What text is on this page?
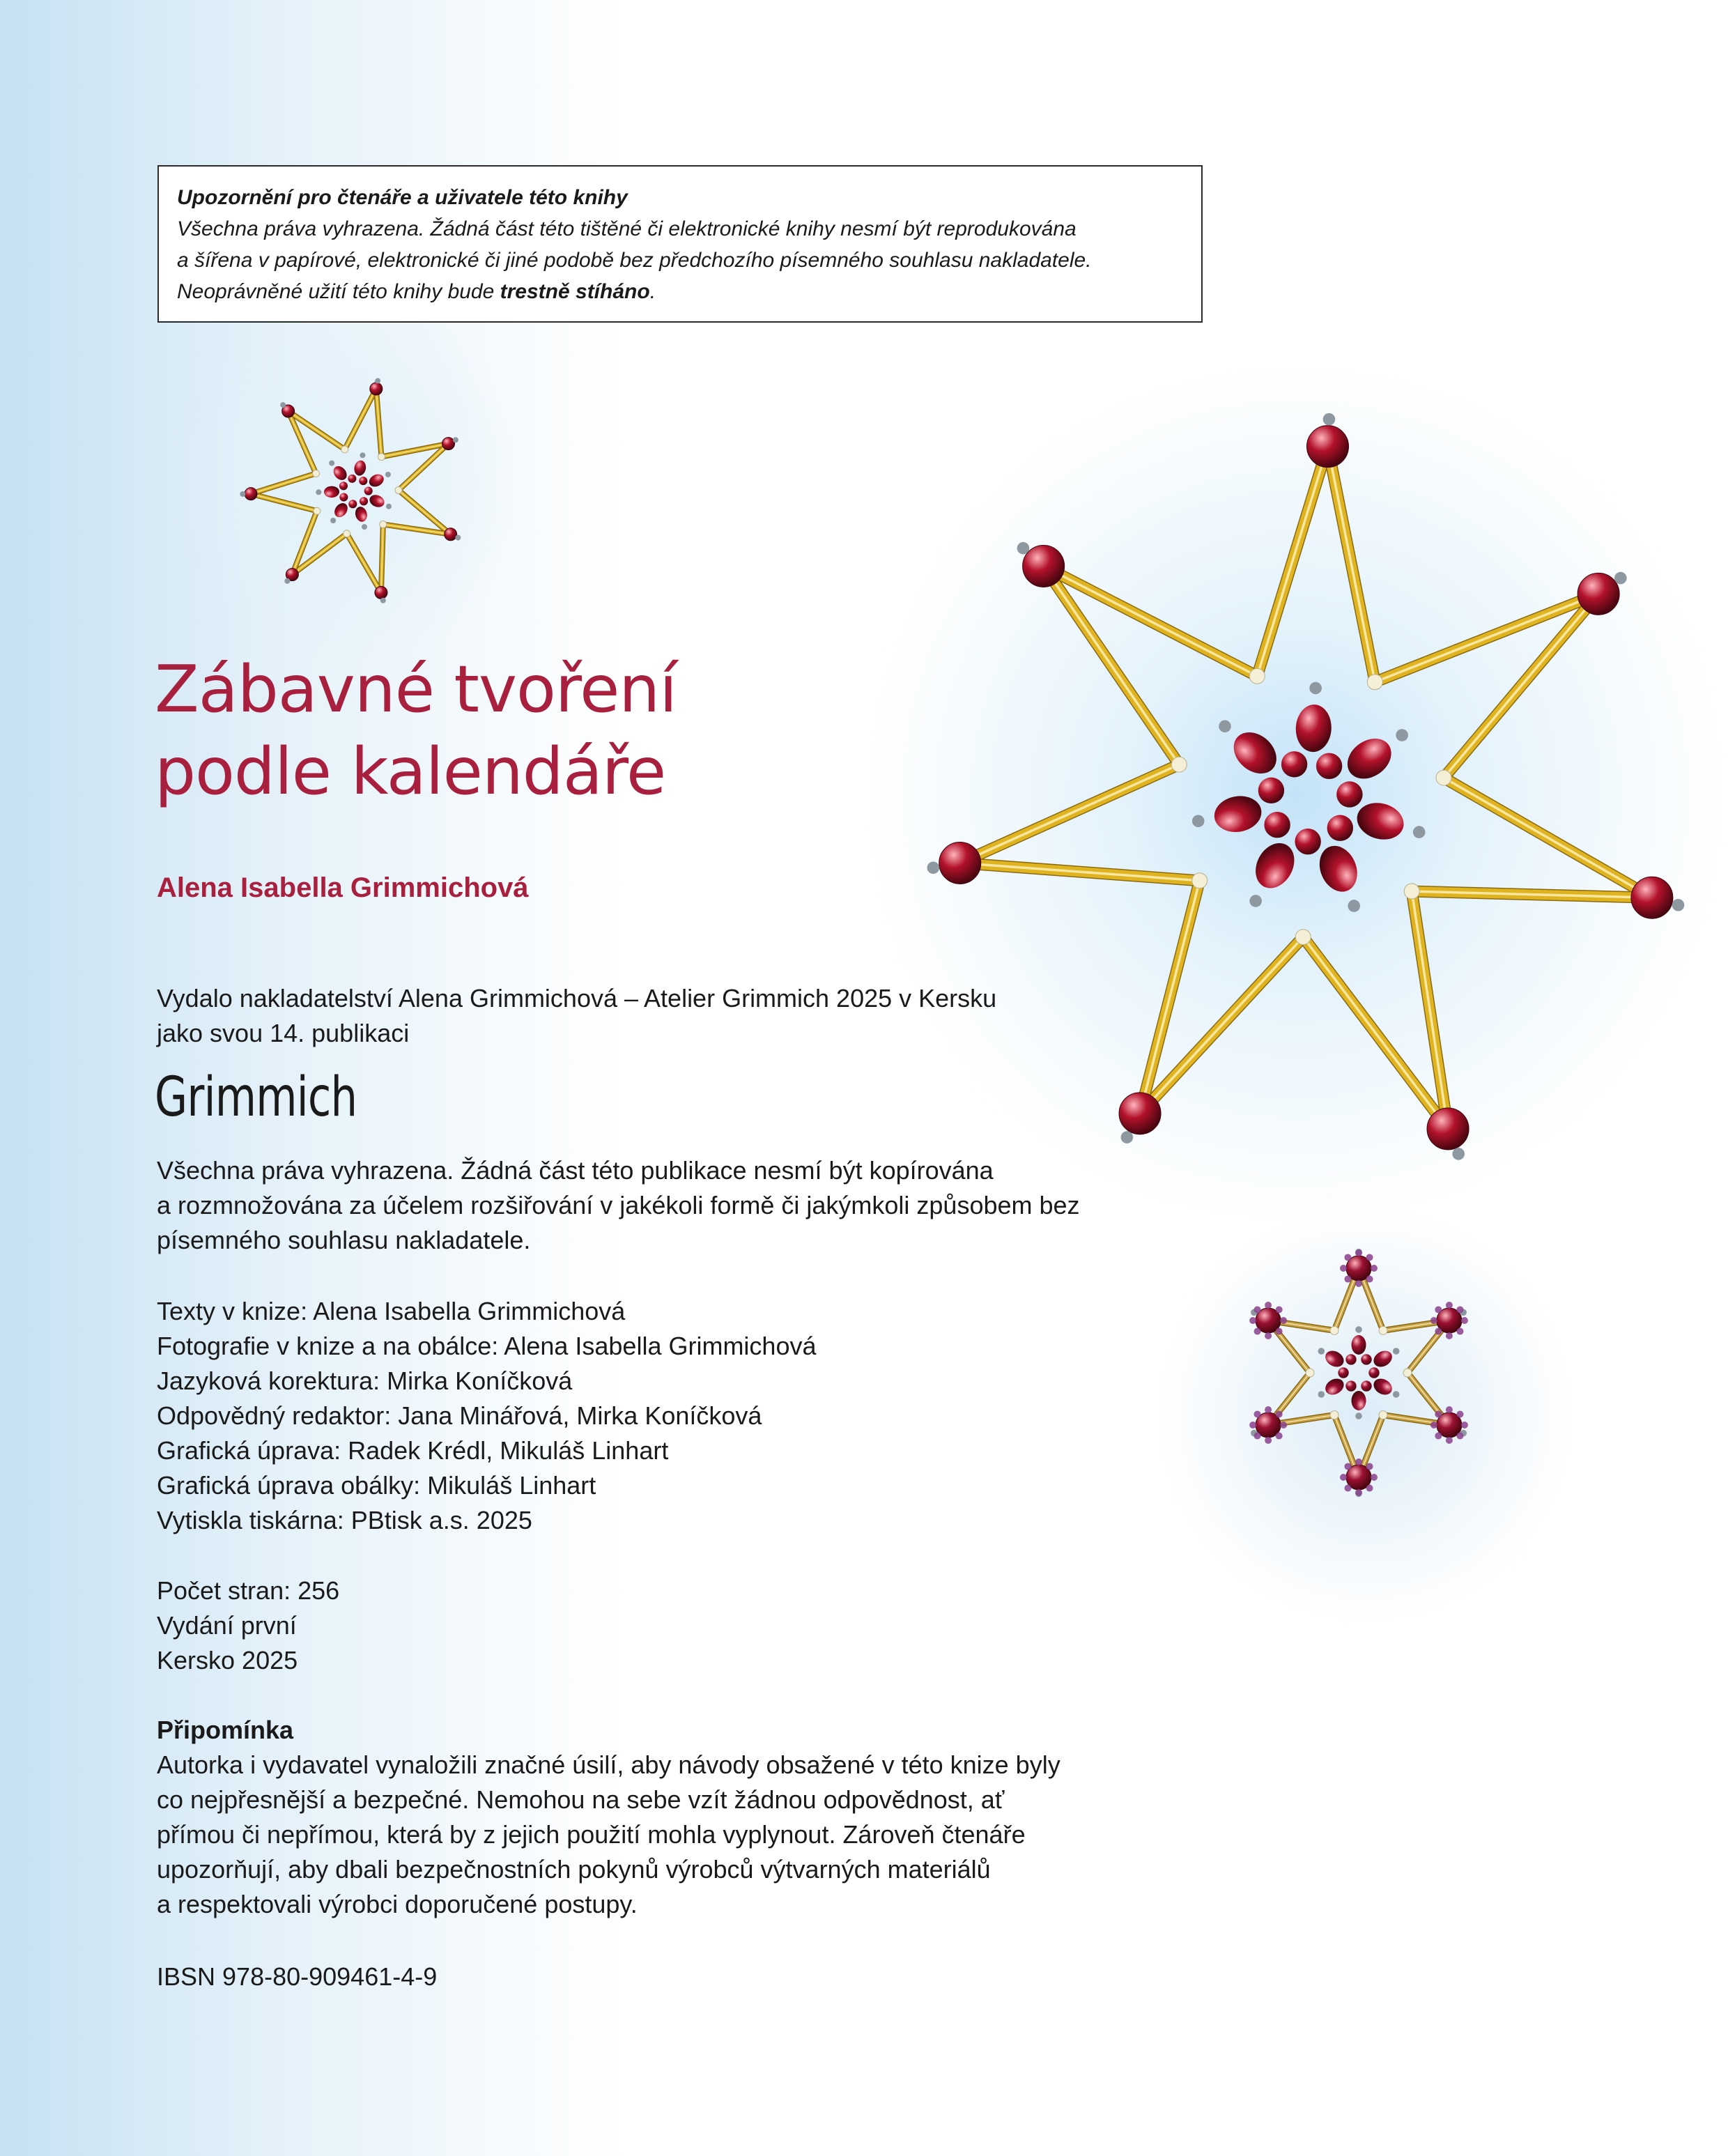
Upozornění pro čtenáře a uživatele této knihy
Všechna práva vyhrazena. Žádná část této tištěné či elektronické knihy nesmí být reprodukována
a šířena v papírové, elektronické či jiné podobě bez předchozího písemného souhlasu nakladatele.
Neoprávněné užití této knihy bude trestně stíháno.
Zábavné tvoření
podle kalendáře
Alena Isabella Grimmichová
Vydalo nakladatelství Alena Grimmichová – Atelier Grimmich 2025 v Kersku
jako svou 14. publikaci
Grimmich
Všechna práva vyhrazena. Žádná část této publikace nesmí být kopírována
a rozmnožována za účelem rozšiřování v jakékoli formě či jakýmkoli způsobem bez
písemného souhlasu nakladatele.
Texty v knize: Alena Isabella Grimmichová
Fotografie v knize a na obálce: Alena Isabella Grimmichová
Jazyková korektura: Mirka Koníčková
Odpovědný redaktor: Jana Minářová, Mirka Koníčková
Grafická úprava: Radek Krédl, Mikuláš Linhart
Grafická úprava obálky: Mikuláš Linhart
Vytiskla tiskárna: PBtisk a.s. 2025
Počet stran: 256
Vydání první
Kersko 2025
Připomínka
Autorka i vydavatel vynaložili značné úsilí, aby návody obsažené v této knize byly
co nejpřesnější a bezpečné. Nemohou na sebe vzít žádnou odpovědnost, ať
přímou či nepřímou, která by z jejich použití mohla vyplynout. Zároveň čtenáře
upozorňují, aby dbali bezpečnostních pokynů výrobců výtvarných materiálů
a respektovali výrobci doporučené postupy.
IBSN 978-80-909461-4-9
